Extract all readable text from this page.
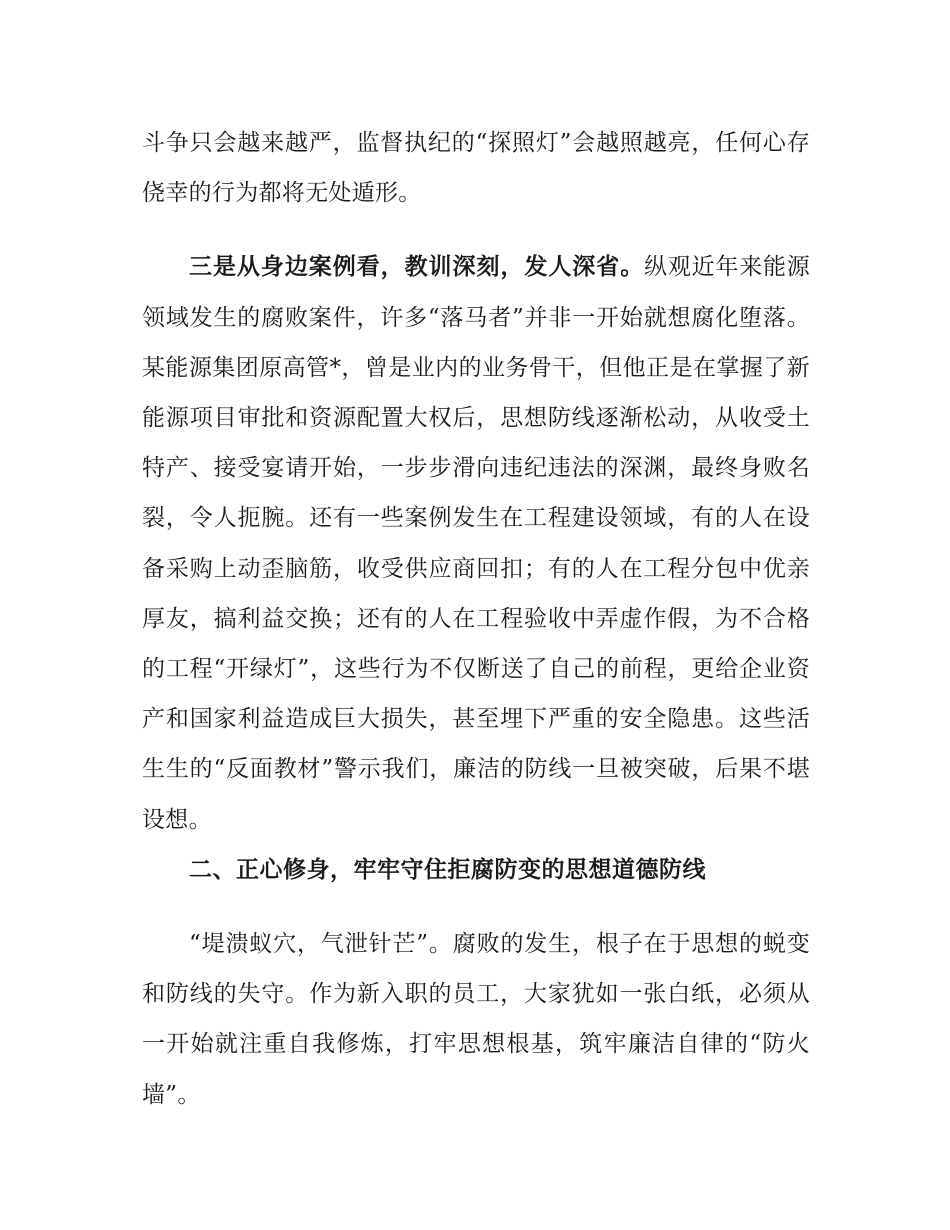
斗争只会越来越严，监督执纪的“探照灯”会越照越亮，任何心存侥幸的行为都将无处遁形。

三是从身边案例看，教训深刻，发人深省。纵观近年来能源领域发生的腐败案件，许多“落马者”并非一开始就想腐化堕落。某能源集团原高管*，曾是业内的业务骨干，但他正是在掌握了新能源项目审批和资源配置大权后，思想防线逐渐松动，从收受土特产、接受宴请开始，一步步滑向违纪违法的深渊，最终身败名裂，令人扼腕。还有一些案例发生在工程建设领域，有的人在设备采购上动歪脑筋，收受供应商回扣；有的人在工程分包中优亲厚友，搞利益交换；还有的人在工程验收中弄虚作假，为不合格的工程“开绿灯”，这些行为不仅断送了自己的前程，更给企业资产和国家利益造成巨大损失，甚至埋下严重的安全隐患。这些活生生的“反面教材”警示我们，廉洁的防线一旦被突破，后果不堪设想。

二、正心修身，牢牢守住拒腐防变的思想道德防线

“堤溃蚁穴，气泄针芒”。腐败的发生，根子在于思想的蜕变和防线的失守。作为新入职的员工，大家犹如一张白纸，必须从一开始就注重自我修炼，打牢思想根基，筑牢廉洁自律的“防火墙”。
